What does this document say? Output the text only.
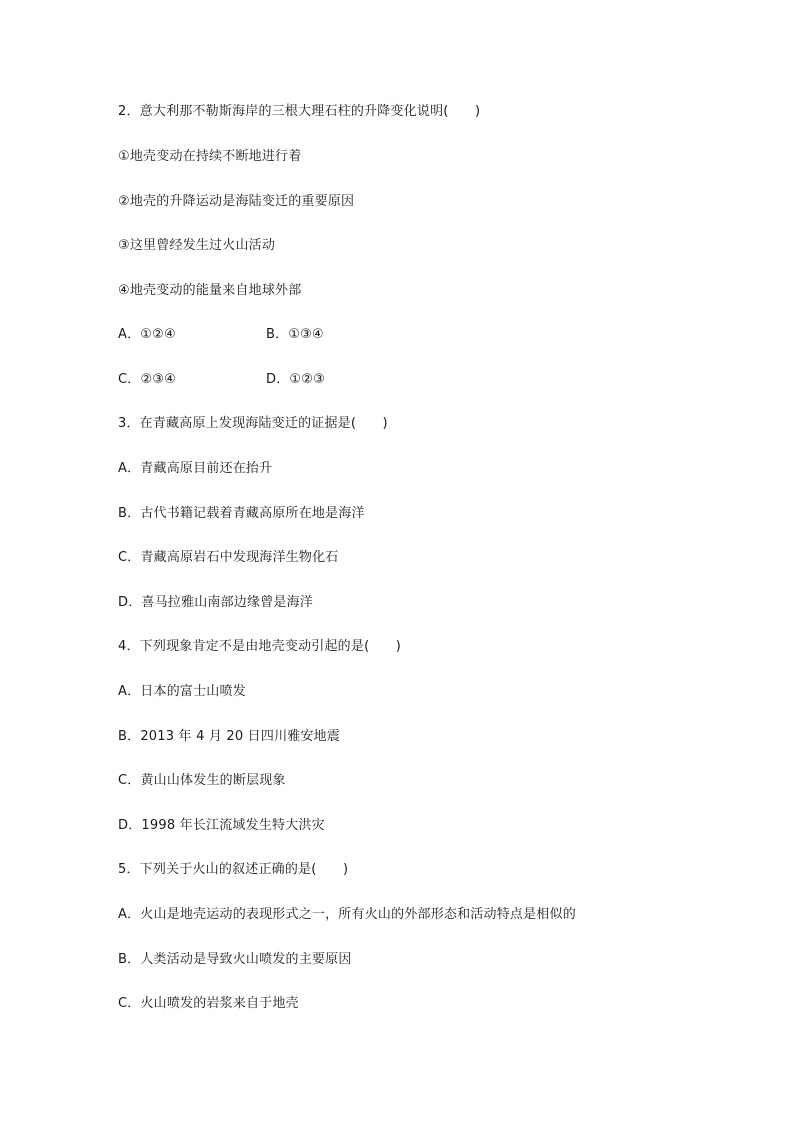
2．意大利那不勒斯海岸的三根大理石柱的升降变化说明(　　)
①地壳变动在持续不断地进行着
②地壳的升降运动是海陆变迁的重要原因
③这里曾经发生过火山活动
④地壳变动的能量来自地球外部
A．①②④	B．①③④
C．②③④	D．①②③
3．在青藏高原上发现海陆变迁的证据是(　　)
A．青藏高原目前还在抬升
B．古代书籍记载着青藏高原所在地是海洋
C．青藏高原岩石中发现海洋生物化石
D．喜马拉雅山南部边缘曾是海洋
4．下列现象肯定不是由地壳变动引起的是(　　)
A．日本的富士山喷发
B．2013 年 4 月 20 日四川雅安地震
C．黄山山体发生的断层现象
D．1998 年长江流域发生特大洪灾
5．下列关于火山的叙述正确的是(　　)
A．火山是地壳运动的表现形式之一，所有火山的外部形态和活动特点是相似的
B．人类活动是导致火山喷发的主要原因
C．火山喷发的岩浆来自于地壳
